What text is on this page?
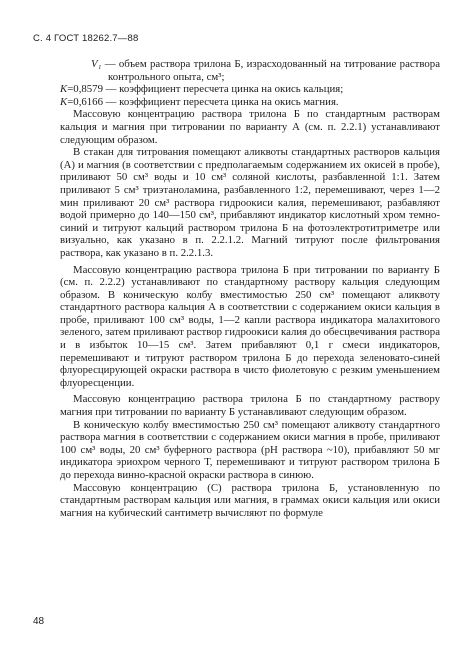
С. 4 ГОСТ 18262.7—88
V₁ — объем раствора трилона Б, израсходованный на титрование раствора контрольного опыта, см³;
K=0,8579 — коэффициент пересчета цинка на окись кальция;
K=0,6166 — коэффициент пересчета цинка на окись магния.

Массовую концентрацию раствора трилона Б по стандартным растворам кальция и магния при титровании по варианту А (см. п. 2.2.1) устанавливают следующим образом.

В стакан для титрования помещают аликвоты стандартных растворов кальция (А) и магния (в соответствии с предполагаемым содержанием их окисей в пробе), приливают 50 см³ воды и 10 см³ соляной кислоты, разбавленной 1:1. Затем приливают 5 см³ триэтаноламина, разбавленного 1:2, перемешивают, через 1—2 мин приливают 20 см³ раствора гидроокиси калия, перемешивают, разбавляют водой примерно до 140—150 см³, прибавляют индикатор кислотный хром темно-синий и титруют кальций раствором трилона Б на фотоэлектротитриметре или визуально, как указано в п. 2.2.1.2. Магний титруют после фильтрования раствора, как указано в п. 2.2.1.3.

Массовую концентрацию раствора трилона Б при титровании по варианту Б (см. п. 2.2.2) устанавливают по стандартному раствору кальция следующим образом. В коническую колбу вместимостью 250 см³ помещают аликвоту стандартного раствора кальция А в соответствии с содержанием окиси кальция в пробе, приливают 100 см³ воды, 1—2 капли раствора индикатора малахитового зеленого, затем приливают раствор гидроокиси калия до обесцвечивания раствора и в избыток 10—15 см³. Затем прибавляют 0,1 г смеси индикаторов, перемешивают и титруют раствором трилона Б до перехода зеленовато-синей флуоресцирующей окраски раствора в чисто фиолетовую с резким уменьшением флуоресценции.

Массовую концентрацию раствора трилона Б по стандартному раствору магния при титровании по варианту Б устанавливают следующим образом.

В коническую колбу вместимостью 250 см³ помещают аликвоту стандартного раствора магния в соответствии с содержанием окиси магния в пробе, приливают 100 см³ воды, 20 см³ буферного раствора (pH раствора ~10), прибавляют 50 мг индикатора эриохром черного Т, перемешивают и титруют раствором трилона Б до перехода винно-красной окраски раствора в синюю.

Массовую концентрацию (C) раствора трилона Б, установленную по стандартным растворам кальция или магния, в граммах окиси кальция или окиси магния на кубический сантиметр вычисляют по формуле

48
